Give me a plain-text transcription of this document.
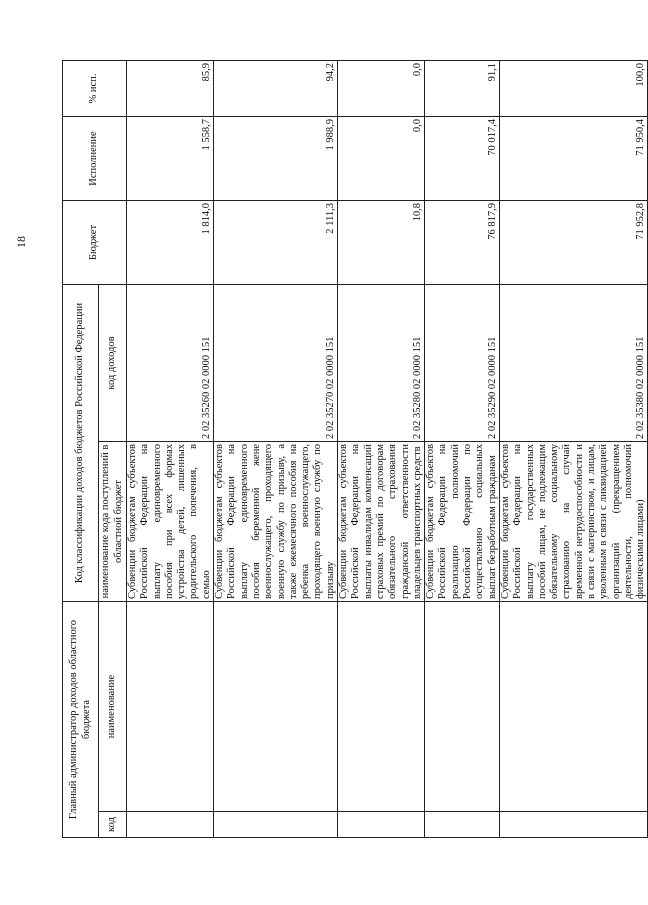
18
Главный администратор доходов областного бюджета		Код классификации доходов бюджетов Российской Федерации		Бюджет	Исполнение	% исп.
код	наименование	наименование кода поступлений в областной бюджет	код доходов			
		Субвенции бюджетам субъектов Российской Федерации на выплату единовременного пособия при всех формах устройства детей, лишенных родительского попечения, в семью	2 02 35260 02 0000 151	1 814,0	1 558,7	85,9
		Субвенции бюджетам субъектов Российской Федерации на выплату единовременного пособия беременной жене военнослужащего, проходящего военную службу по призыву, а также ежемесячного пособия на ребенка военнослужащего, проходящего военную службу по призыву	2 02 35270 02 0000 151	2 111,3	1 988,9	94,2
		Субвенции бюджетам субъектов Российской Федерации на выплаты инвалидам компенсаций страховых премий по договорам обязательного страхования гражданской ответственности владельцев транспортных средств	2 02 35280 02 0000 151	10,8	0,0	0,0
		Субвенции бюджетам субъектов Российской Федерации на реализацию полномочий Российской Федерации по осуществлению социальных выплат безработным гражданам	2 02 35290 02 0000 151	76 817,9	70 017,4	91,1
		Субвенции бюджетам субъектов Российской Федерации на выплату государственных пособий лицам, не подлежащим обязательному социальному страхованию на случай временной нетрудоспособности и в связи с материнством, и лицам, уволенным в связи с ликвидацией организаций (прекращением деятельности, полномочий физическими лицами)	2 02 35380 02 0000 151	71 952,8	71 950,4	100,0
